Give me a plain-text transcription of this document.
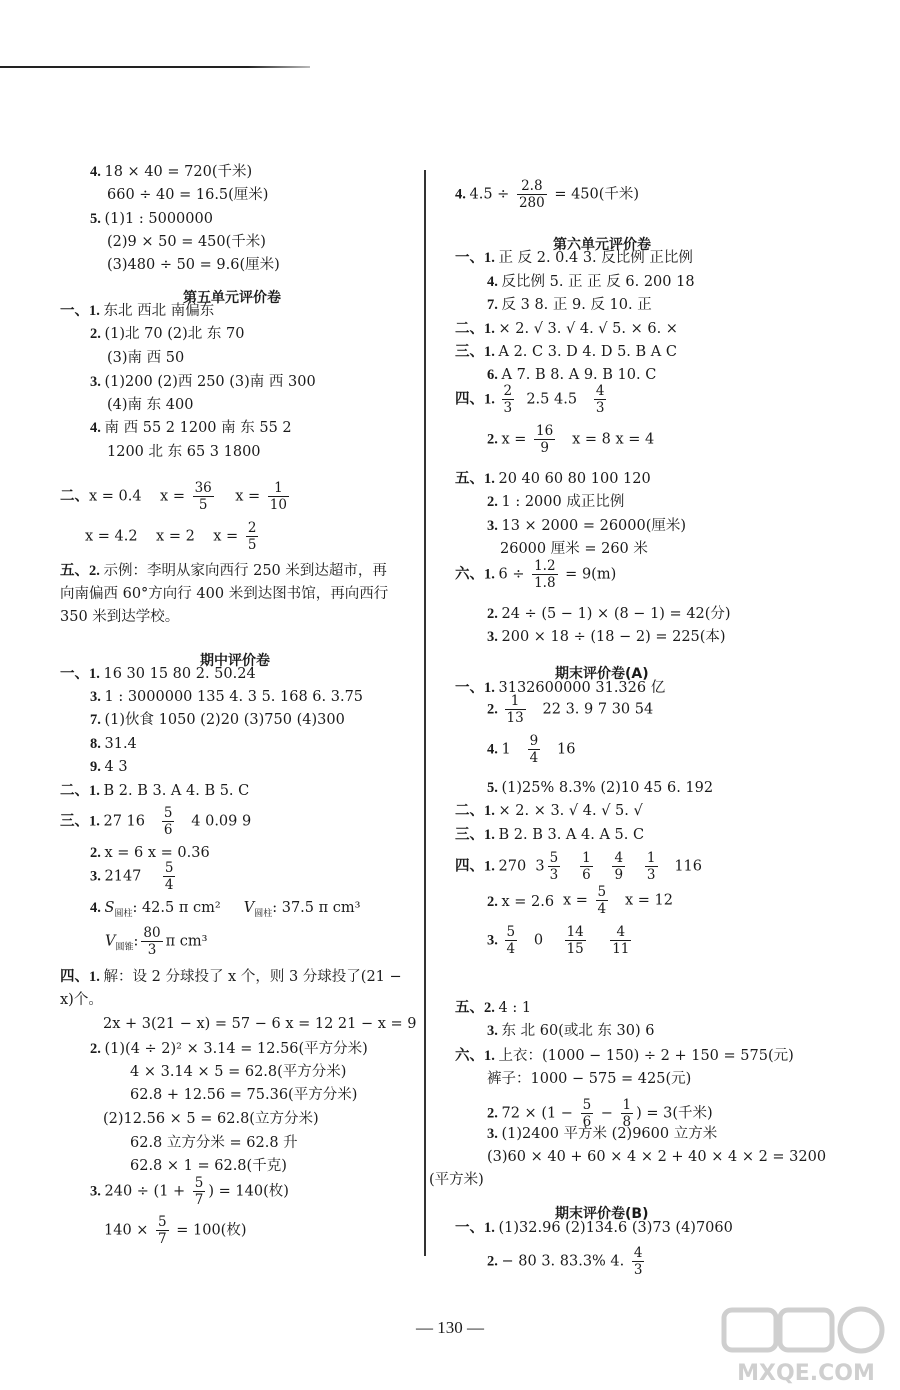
4. 18 × 40 = 720(千米)
660 ÷ 40 = 16.5(厘米)
5. (1)1 : 5000000
(2)9 × 50 = 450(千米)
(3)480 ÷ 50 = 9.6(厘米)
一、1. 东北 西北 南偏东
2. (1)北 70 (2)北 东 70
(3)南 西 50
3. (1)200 (2)西 250 (3)南 西 300
(4)南 东 400
4. 南 西 55 2 1200 南 东 55 2
1200 北 东 65 3 1800
五、2. 示例：李明从家向西行 250 米到达超市，再
向南偏西 60°方向行 400 米到达图书馆，再向西行
350 米到达学校。
一、1. 16 30 15 80 2. 50.24
3. 1 : 3000000 135 4. 3 5. 168 6. 3.75
7. (1)伙食 1050 (2)20 (3)750 (4)300
8. 31.4
9. 4 3
二、1. B 2. B 3. A 4. B 5. C
2. x = 6 x = 0.36
四、1. 解：设 2 分球投了 x 个，则 3 分球投了(21 −
x)个。
2x + 3(21 − x) = 57 − 6 x = 12 21 − x = 9
2. (1)(4 ÷ 2)² × 3.14 = 12.56(平方分米)
4 × 3.14 × 5 = 62.8(平方分米)
62.8 + 12.56 = 75.36(平方分米)
(2)12.56 × 5 = 62.8(立方分米)
62.8 立方分米 = 62.8 升
62.8 × 1 = 62.8(千克)
一、1. 正 反 2. 0.4 3. 反比例 正比例
4. 反比例 5. 正 正 反 6. 200 18
7. 反 3 8. 正 9. 反 10. 正
二、1. × 2. √ 3. √ 4. √ 5. × 6. ×
三、1. A 2. C 3. D 4. D 5. B A C
6. A 7. B 8. A 9. B 10. C
五、1. 20 40 60 80 100 120
2. 1 : 2000 成正比例
3. 13 × 2000 = 26000(厘米)
26000 厘米 = 260 米
2. 24 ÷ (5 − 1) × (8 − 1) = 42(分)
3. 200 × 18 ÷ (18 − 2) = 225(本)
一、1. 3132600000 31.326 亿
5. (1)25% 8.3% (2)10 45 6. 192
二、1. × 2. × 3. √ 4. √ 5. √
三、1. B 2. B 3. A 4. A 5. C
2. x = 2.6
五、2. 4 : 1
3. 东 北 60(或北 东 30) 6
六、1. 上衣：(1000 − 150) ÷ 2 + 150 = 575(元)
裤子：1000 − 575 = 425(元)
3. (1)2400 平方米 (2)9600 立方米
(3)60 × 40 + 60 × 4 × 2 + 40 × 4 × 2 = 3200
(平方米)
一、1. (1)32.96 (2)134.6 (3)73 (4)7060
第五单元评价卷
期中评价卷
第六单元评价卷
期末评价卷(A)
期末评价卷(B)
二、x = 0.4 $x = \frac{36}{5}$ $x = \frac{1}{10}$
x = 4.2 x = 2 $x = \frac{2}{5}$
三、1. 27 $16 \frac{5}{6} 4$ 0.09 9
3. $2147 \frac{5}{4}$
4. $S_{圆柱}$: 42.5 π cm² $V_{圆柱}$: 37.5 π cm³
$V_{圆锥}$: $\frac{80}{3}$ π cm³
3. $240 \div (1 + \frac{5}{7}$ ) = 140(枚)
$140 \times \frac{5}{7} = 100$(枚)
4. $4.5 \div \frac{2.8}{280} = 450$(千米)
四、1. $\frac{2}{3} 2.5$ $4.5 \frac{4}{3}$
2. $x = \frac{16}{9}$ x = 8 x = 4
六、1. $6 \div \frac{1.2}{1.8} = 9(m)$
2. $\frac{1}{13} 22$ 3. 9 7 30 54
4. $1 \frac{9}{4} 16$
四、1. 270 $3 \frac{5}{3}$
$\frac{1}{6}$
$\frac{4}{9}$
$\frac{1}{3} 116$
$x = \frac{5}{4}$ x = 12
3. $\frac{5}{4} 0 \frac{14}{15}$
$\frac{4}{11}$
2. $72 \times (1 - \frac{5}{6} - \frac{1}{8}$ ) = 3(千米)
2. − 80 3. 83.3% 4. $\frac{4}{3}$
— 130 —
MXQE.COM
